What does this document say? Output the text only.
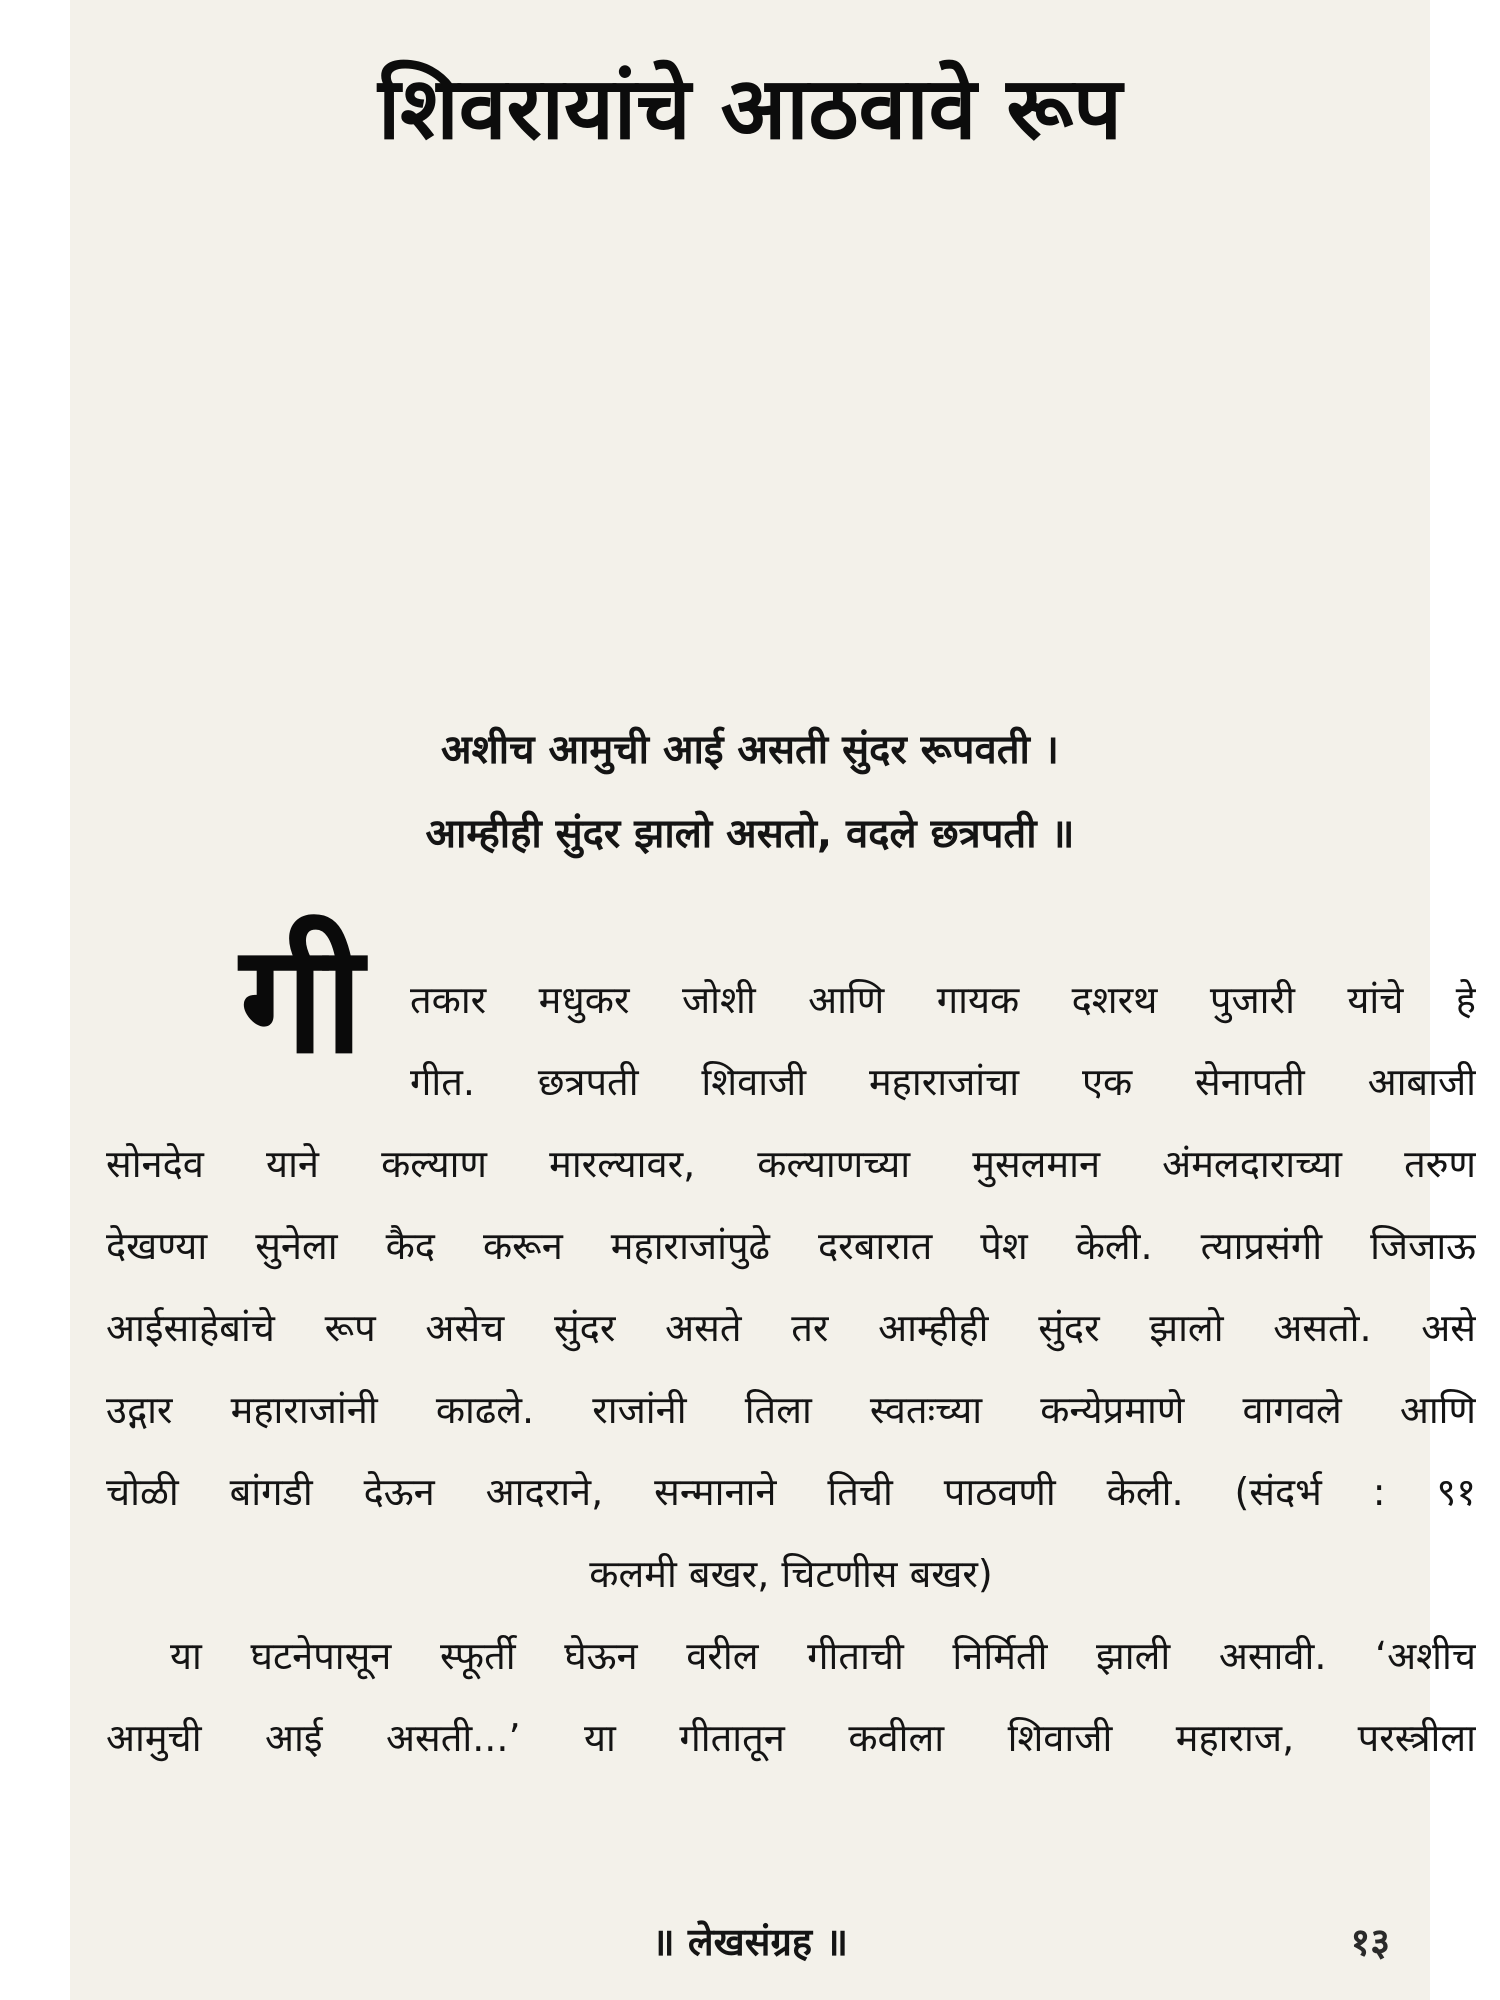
शिवरायांचे आठवावे रूप
अशीच आमुची आई असती सुंदर रूपवती ।
आम्हीही सुंदर झालो असतो, वदले छत्रपती ॥
गी तकार मधुकर जोशी आणि गायक दशरथ पुजारी यांचे हे
गीत. छत्रपती शिवाजी महाराजांचा एक सेनापती आबाजी
सोनदेव याने कल्याण मारल्यावर, कल्याणच्या मुसलमान अंमलदाराच्या तरुण
देखण्या सुनेला कैद करून महाराजांपुढे दरबारात पेश केली. त्याप्रसंगी जिजाऊ
आईसाहेबांचे रूप असेच सुंदर असते तर आम्हीही सुंदर झालो असतो. असे
उद्गार महाराजांनी काढले. राजांनी तिला स्वतःच्या कन्येप्रमाणे वागवले आणि
चोळी बांगडी देऊन आदराने, सन्मानाने तिची पाठवणी केली. (संदर्भ : ९१
कलमी बखर, चिटणीस बखर)
या घटनेपासून स्फूर्ती घेऊन वरील गीताची निर्मिती झाली असावी. ‘अशीच
आमुची आई असती...’ या गीतातून कवीला शिवाजी महाराज, परस्त्रीला
॥ लेखसंग्रह ॥	१३
